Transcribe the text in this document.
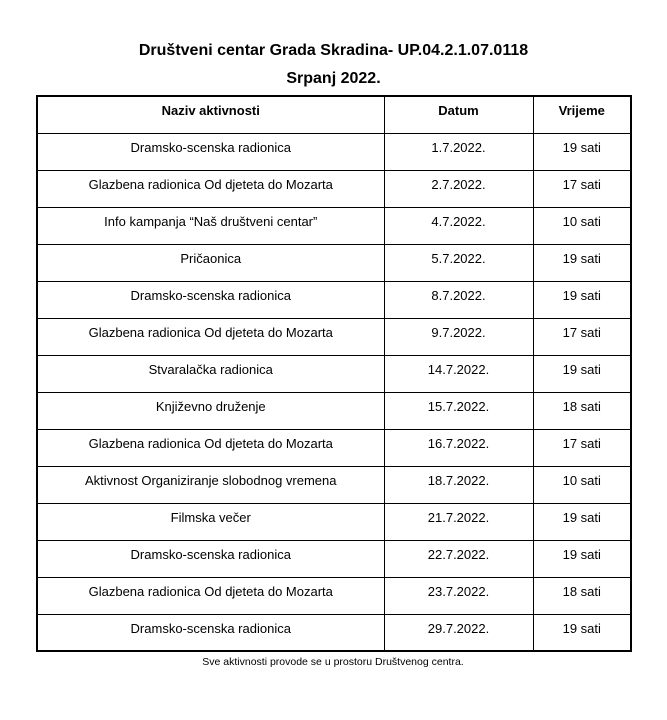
Društveni centar Grada Skradina- UP.04.2.1.07.0118

Srpanj 2022.

Naziv aktivnosti	Datum	Vrijeme
Dramsko-scenska radionica	1.7.2022.	19 sati
Glazbena radionica Od djeteta do Mozarta	2.7.2022.	17 sati
Info kampanja “Naš društveni centar”	4.7.2022.	10 sati
Pričaonica	5.7.2022.	19 sati
Dramsko-scenska radionica	8.7.2022.	19 sati
Glazbena radionica Od djeteta do Mozarta	9.7.2022.	17 sati
Stvaralačka radionica	14.7.2022.	19 sati
Književno druženje	15.7.2022.	18 sati
Glazbena radionica Od djeteta do Mozarta	16.7.2022.	17 sati
Aktivnost Organiziranje slobodnog vremena	18.7.2022.	10 sati
Filmska večer	21.7.2022.	19 sati
Dramsko-scenska radionica	22.7.2022.	19 sati
Glazbena radionica Od djeteta do Mozarta	23.7.2022.	18 sati
Dramsko-scenska radionica	29.7.2022.	19 sati
Sve aktivnosti provode se u prostoru Društvenog centra.
